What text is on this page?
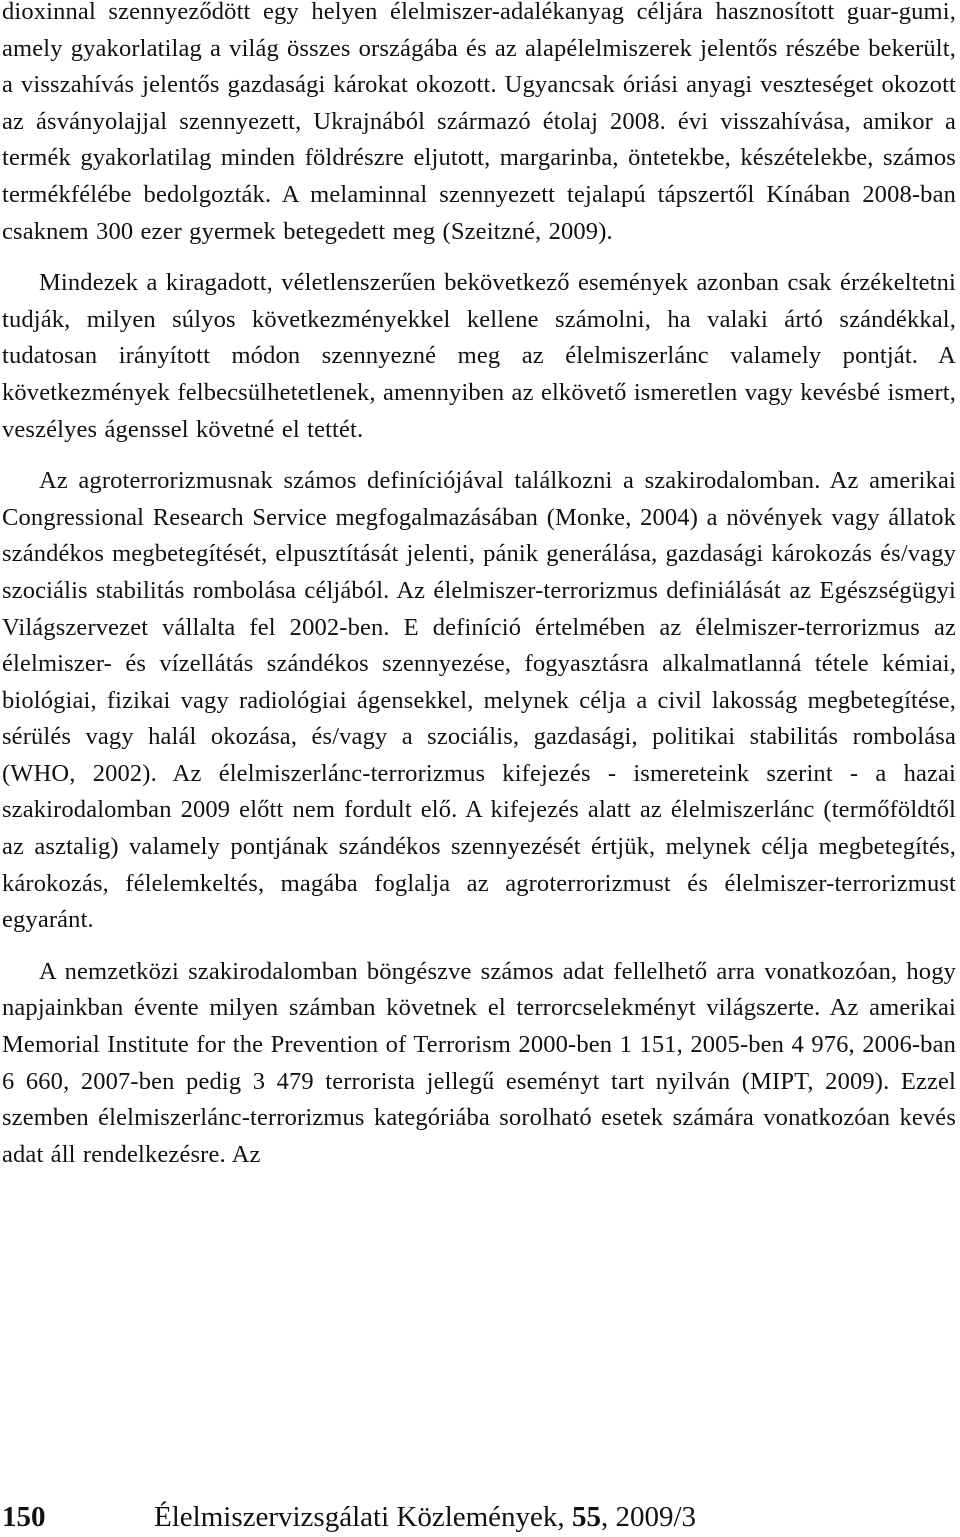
dioxinnal szennyeződött egy helyen élelmiszer-adalékanyag céljára hasznosított guar-gumi, amely gyakorlatilag a világ összes országába és az alapélelmiszerek jelentős részébe bekerült, a visszahívás jelentős gazdasági károkat okozott. Ugyancsak óriási anyagi veszteséget okozott az ásványolajjal szennyezett, Ukrajnából származó étolaj 2008. évi visszahívása, amikor a termék gyakorlatilag minden földrészre eljutott, margarinba, öntetekbe, készételekbe, számos termékfélébe bedolgozták. A melaminnal szennyezett tejalapú tápszertől Kínában 2008-ban csaknem 300 ezer gyermek betegedett meg (Szeitzné, 2009).

Mindezek a kiragadott, véletlenszerűen bekövetkező események azonban csak érzékeltetni tudják, milyen súlyos következményekkel kellene számolni, ha valaki ártó szándékkal, tudatosan irányított módon szennyezné meg az élelmiszerlánc valamely pontját. A következmények felbecsülhetetlenek, amennyiben az elkövető ismeretlen vagy kevésbé ismert, veszélyes ágenssel követné el tettét.

Az agroterrorizmusnak számos definíciójával találkozni a szakirodalomban. Az amerikai Congressional Research Service megfogalmazásában (Monke, 2004) a növények vagy állatok szándékos megbetegítését, elpusztítását jelenti, pánik generálása, gazdasági károkozás és/vagy szociális stabilitás rombolása céljából. Az élelmiszer-terrorizmus definiálását az Egészségügyi Világszervezet vállalta fel 2002-ben. E definíció értelmében az élelmiszer-terrorizmus az élelmiszer- és vízellátás szándékos szennyezése, fogyasztásra alkalmatlanná tétele kémiai, biológiai, fizikai vagy radiológiai ágensekkel, melynek célja a civil lakosság megbetegítése, sérülés vagy halál okozása, és/vagy a szociális, gazdasági, politikai stabilitás rombolása (WHO, 2002). Az élelmiszerlánc-terrorizmus kifejezés - ismereteink szerint - a hazai szakirodalomban 2009 előtt nem fordult elő. A kifejezés alatt az élelmiszerlánc (termőföldtől az asztalig) valamely pontjának szándékos szennyezését értjük, melynek célja megbetegítés, károkozás, félelemkeltés, magába foglalja az agroterrorizmust és élelmiszer-terrorizmust egyaránt.

A nemzetközi szakirodalomban böngészve számos adat fellelhető arra vonatkozóan, hogy napjainkban évente milyen számban követnek el terrorcselekményt világszerte. Az amerikai Memorial Institute for the Prevention of Terrorism 2000-ben 1 151, 2005-ben 4 976, 2006-ban 6 660, 2007-ben pedig 3 479 terrorista jellegű eseményt tart nyilván (MIPT, 2009). Ezzel szemben élelmiszerlánc-terrorizmus kategóriába sorolható esetek számára vonatkozóan kevés adat áll rendelkezésre. Az

150	Élelmiszervizsgálati Közlemények, 55, 2009/3
